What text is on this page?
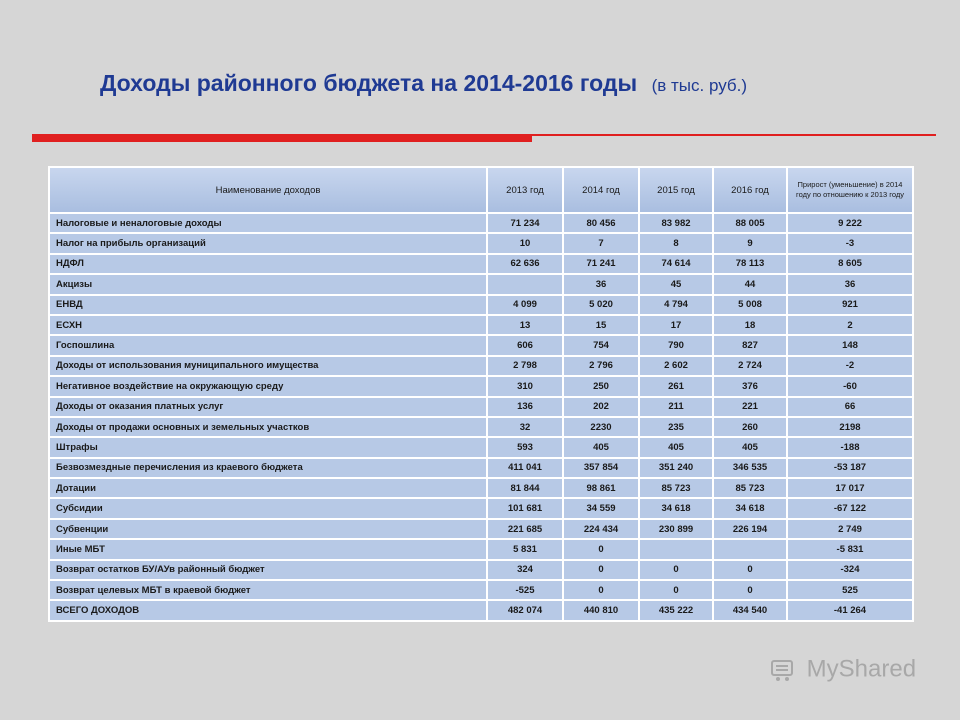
Доходы районного бюджета на 2014-2016 годы (в тыс. руб.)
Наименование доходов	2013 год	2014 год	2015 год	2016 год	Прирост (уменьшение) в 2014 году по отношению к 2013 году
Налоговые и неналоговые доходы	71 234	80 456	83 982	88 005	9 222
Налог на прибыль организаций	10	7	8	9	-3
НДФЛ	62 636	71 241	74 614	78 113	8 605
Акцизы		36	45	44	36
ЕНВД	4 099	5 020	4 794	5 008	921
ЕСХН	13	15	17	18	2
Госпошлина	606	754	790	827	148
Доходы от использования муниципального имущества	2 798	2 796	2 602	2 724	-2
Негативное воздействие на окружающую среду	310	250	261	376	-60
Доходы от оказания платных услуг	136	202	211	221	66
Доходы от продажи основных и земельных участков	32	2230	235	260	2198
Штрафы	593	405	405	405	-188
Безвозмездные перечисления из краевого бюджета	411 041	357 854	351 240	346 535	-53 187
Дотации	81 844	98 861	85 723	85 723	17 017
Субсидии	101 681	34 559	34 618	34 618	-67 122
Субвенции	221 685	224 434	230 899	226 194	2 749
Иные МБТ	5 831	0			-5 831
Возврат остатков БУ/АУв районный бюджет	324	0	0	0	-324
Возврат целевых МБТ в краевой бюджет	-525	0	0	0	525
ВСЕГО ДОХОДОВ	482 074	440 810	435 222	434 540	-41 264
MyShared
